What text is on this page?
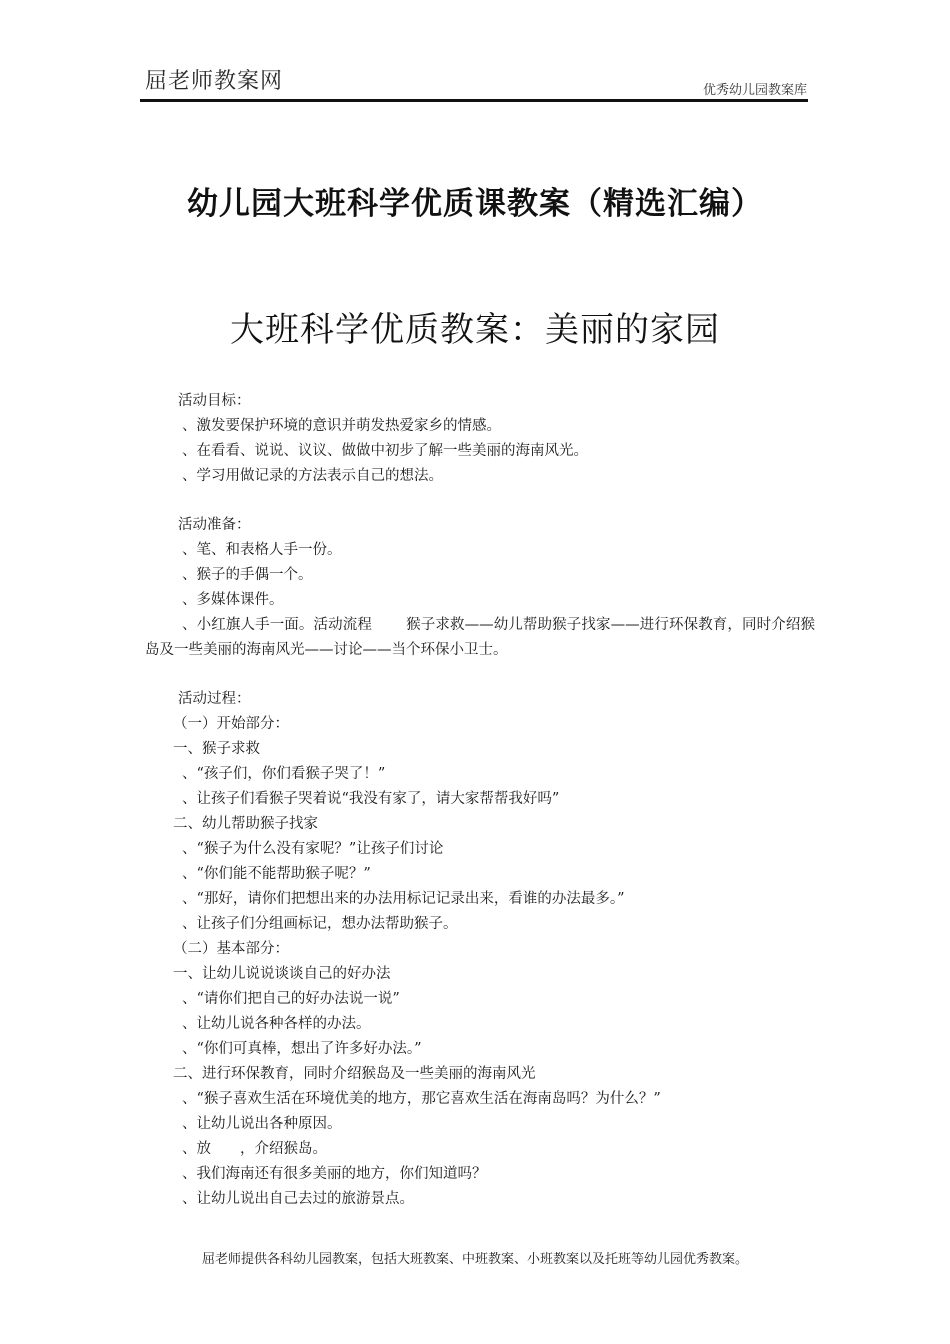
屈老师教案网	优秀幼儿园教案库
幼儿园大班科学优质课教案（精选汇编）
大班科学优质教案：美丽的家园
活动目标：
、激发要保护环境的意识并萌发热爱家乡的情感。
、在看看、说说、议议、做做中初步了解一些美丽的海南风光。
、学习用做记录的方法表示自己的想法。
活动准备：
、笔、和表格人手一份。
、猴子的手偶一个。
、多媒体课件。
、小红旗人手一面。活动流程 猴子求救——幼儿帮助猴子找家——进行环保教育，同时介绍猴岛及一些美丽的海南风光——讨论——当个环保小卫士。
活动过程：
（一）开始部分：
一、猴子求救
、“孩子们，你们看猴子哭了！”
、让孩子们看猴子哭着说“我没有家了，请大家帮帮我好吗”
二、幼儿帮助猴子找家
、“猴子为什么没有家呢？”让孩子们讨论
、“你们能不能帮助猴子呢？”
、“那好，请你们把想出来的办法用标记记录出来，看谁的办法最多。”
、让孩子们分组画标记，想办法帮助猴子。
（二）基本部分：
一、让幼儿说说谈谈自己的好办法
、“请你们把自己的好办法说一说”
、让幼儿说各种各样的办法。
、“你们可真棒，想出了许多好办法。”
二、进行环保教育，同时介绍猴岛及一些美丽的海南风光
、“猴子喜欢生活在环境优美的地方，那它喜欢生活在海南岛吗？为什么？”
、让幼儿说出各种原因。
、放　　，介绍猴岛。
、我们海南还有很多美丽的地方，你们知道吗？
、让幼儿说出自己去过的旅游景点。
屈老师提供各科幼儿园教案，包括大班教案、中班教案、小班教案以及托班等幼儿园优秀教案。
